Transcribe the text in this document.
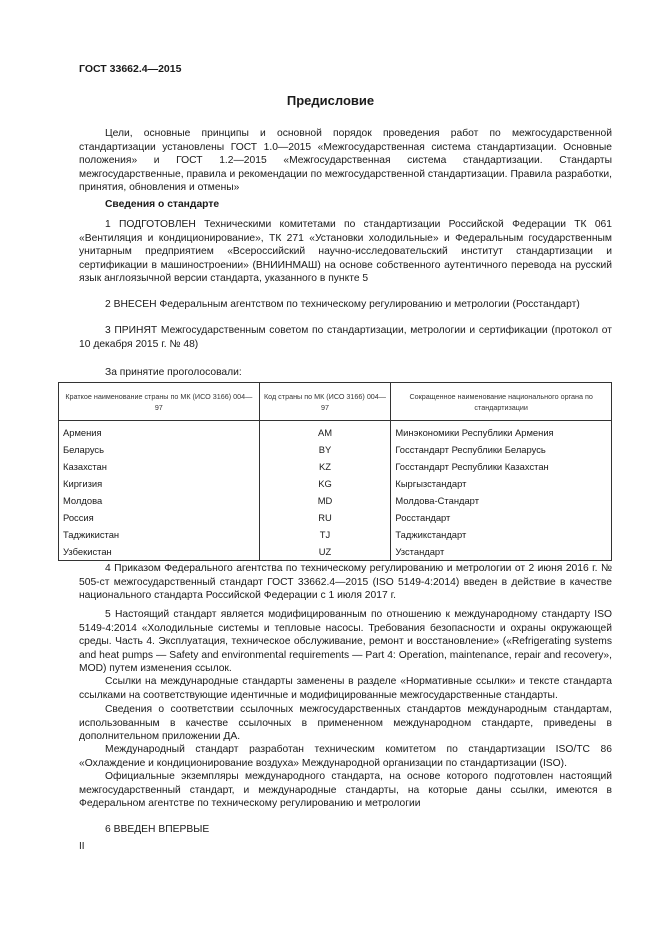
ГОСТ 33662.4—2015
Предисловие

Цели, основные принципы и основной порядок проведения работ по межгосударственной стандартизации установлены ГОСТ 1.0—2015 «Межгосударственная система стандартизации. Основные положения» и ГОСТ 1.2—2015 «Межгосударственная система стандартизации. Стандарты межгосударственные, правила и рекомендации по межгосударственной стандартизации. Правила разработки, принятия, обновления и отмены»

Сведения о стандарте

1 ПОДГОТОВЛЕН Техническими комитетами по стандартизации Российской Федерации ТК 061 «Вентиляция и кондиционирование», ТК 271 «Установки холодильные» и Федеральным государственным унитарным предприятием «Всероссийский научно-исследовательский институт стандартизации и сертификации в машиностроении» (ВНИИНМАШ) на основе собственного аутентичного перевода на русский язык англоязычной версии стандарта, указанного в пункте 5

2 ВНЕСЕН Федеральным агентством по техническому регулированию и метрологии (Росстандарт)

3 ПРИНЯТ Межгосударственным советом по стандартизации, метрологии и сертификации (протокол от 10 декабря 2015 г. № 48)

За принятие проголосовали:
Краткое наименование страны по МК (ИСО 3166) 004—97	Код страны по МК (ИСО 3166) 004—97	Сокращенное наименование национального органа по стандартизации
Армения	AM	Минэкономики Республики Армения
Беларусь	BY	Госстандарт Республики Беларусь
Казахстан	KZ	Госстандарт Республики Казахстан
Киргизия	KG	Кыргызстандарт
Молдова	MD	Молдова-Стандарт
Россия	RU	Росстандарт
Таджикистан	TJ	Таджикстандарт
Узбекистан	UZ	Узстандарт

4 Приказом Федерального агентства по техническому регулированию и метрологии от 2 июня 2016 г. № 505-ст межгосударственный стандарт ГОСТ 33662.4—2015 (ISO 5149-4:2014) введен в действие в качестве национального стандарта Российской Федерации с 1 июля 2017 г.

5 Настоящий стандарт является модифицированным по отношению к международному стандарту ISO 5149-4:2014 «Холодильные системы и тепловые насосы. Требования безопасности и охраны окружающей среды. Часть 4. Эксплуатация, техническое обслуживание, ремонт и восстановление» («Refrigerating systems and heat pumps — Safety and environmental requirements — Part 4: Operation, maintenance, repair and recovery», MOD) путем изменения ссылок.

Ссылки на международные стандарты заменены в разделе «Нормативные ссылки» и тексте стандарта ссылками на соответствующие идентичные и модифицированные межгосударственные стандарты.

Сведения о соответствии ссылочных межгосударственных стандартов международным стандартам, использованным в качестве ссылочных в примененном международном стандарте, приведены в дополнительном приложении ДА.

Международный стандарт разработан техническим комитетом по стандартизации ISO/TC 86 «Охлаждение и кондиционирование воздуха» Международной организации по стандартизации (ISO).

Официальные экземпляры международного стандарта, на основе которого подготовлен настоящий межгосударственный стандарт, и международные стандарты, на которые даны ссылки, имеются в Федеральном агентстве по техническому регулированию и метрологии

6 ВВЕДЕН ВПЕРВЫЕ

II
